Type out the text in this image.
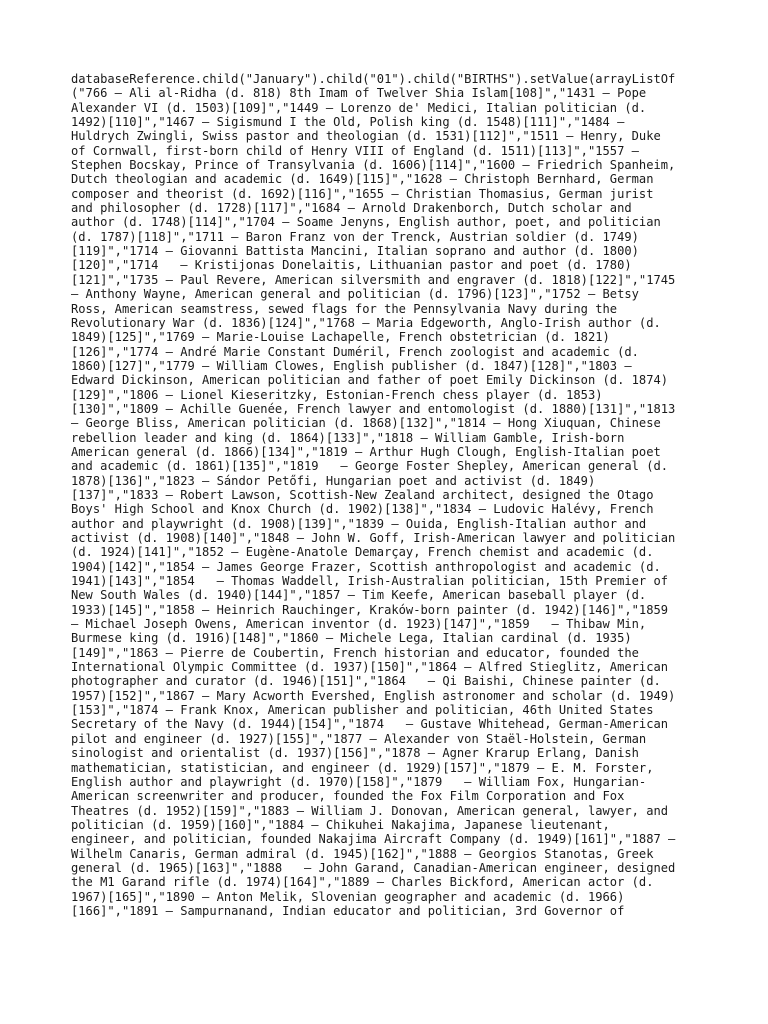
databaseReference.child("January").child("01").child("BIRTHS").setValue(arrayListOf
("766 – Ali al-Ridha (d. 818) 8th Imam of Twelver Shia Islam[108]","1431 – Pope
Alexander VI (d. 1503)[109]","1449 – Lorenzo de' Medici, Italian politician (d.
1492)[110]","1467 – Sigismund I the Old, Polish king (d. 1548)[111]","1484 –
Huldrych Zwingli, Swiss pastor and theologian (d. 1531)[112]","1511 – Henry, Duke
of Cornwall, first-born child of Henry VIII of England (d. 1511)[113]","1557 –
Stephen Bocskay, Prince of Transylvania (d. 1606)[114]","1600 – Friedrich Spanheim,
Dutch theologian and academic (d. 1649)[115]","1628 – Christoph Bernhard, German
composer and theorist (d. 1692)[116]","1655 – Christian Thomasius, German jurist
and philosopher (d. 1728)[117]","1684 – Arnold Drakenborch, Dutch scholar and
author (d. 1748)[114]","1704 – Soame Jenyns, English author, poet, and politician
(d. 1787)[118]","1711 – Baron Franz von der Trenck, Austrian soldier (d. 1749)
[119]","1714 – Giovanni Battista Mancini, Italian soprano and author (d. 1800)
[120]","1714   – Kristijonas Donelaitis, Lithuanian pastor and poet (d. 1780)
[121]","1735 – Paul Revere, American silversmith and engraver (d. 1818)[122]","1745
– Anthony Wayne, American general and politician (d. 1796)[123]","1752 – Betsy
Ross, American seamstress, sewed flags for the Pennsylvania Navy during the
Revolutionary War (d. 1836)[124]","1768 – Maria Edgeworth, Anglo-Irish author (d.
1849)[125]","1769 – Marie-Louise Lachapelle, French obstetrician (d. 1821)
[126]","1774 – André Marie Constant Duméril, French zoologist and academic (d.
1860)[127]","1779 – William Clowes, English publisher (d. 1847)[128]","1803 –
Edward Dickinson, American politician and father of poet Emily Dickinson (d. 1874)
[129]","1806 – Lionel Kieseritzky, Estonian-French chess player (d. 1853)
[130]","1809 – Achille Guenée, French lawyer and entomologist (d. 1880)[131]","1813
– George Bliss, American politician (d. 1868)[132]","1814 – Hong Xiuquan, Chinese
rebellion leader and king (d. 1864)[133]","1818 – William Gamble, Irish-born
American general (d. 1866)[134]","1819 – Arthur Hugh Clough, English-Italian poet
and academic (d. 1861)[135]","1819   – George Foster Shepley, American general (d.
1878)[136]","1823 – Sándor Petőfi, Hungarian poet and activist (d. 1849)
[137]","1833 – Robert Lawson, Scottish-New Zealand architect, designed the Otago
Boys' High School and Knox Church (d. 1902)[138]","1834 – Ludovic Halévy, French
author and playwright (d. 1908)[139]","1839 – Ouida, English-Italian author and
activist (d. 1908)[140]","1848 – John W. Goff, Irish-American lawyer and politician
(d. 1924)[141]","1852 – Eugène-Anatole Demarçay, French chemist and academic (d.
1904)[142]","1854 – James George Frazer, Scottish anthropologist and academic (d.
1941)[143]","1854   – Thomas Waddell, Irish-Australian politician, 15th Premier of
New South Wales (d. 1940)[144]","1857 – Tim Keefe, American baseball player (d.
1933)[145]","1858 – Heinrich Rauchinger, Kraków-born painter (d. 1942)[146]","1859
– Michael Joseph Owens, American inventor (d. 1923)[147]","1859   – Thibaw Min,
Burmese king (d. 1916)[148]","1860 – Michele Lega, Italian cardinal (d. 1935)
[149]","1863 – Pierre de Coubertin, French historian and educator, founded the
International Olympic Committee (d. 1937)[150]","1864 – Alfred Stieglitz, American
photographer and curator (d. 1946)[151]","1864   – Qi Baishi, Chinese painter (d.
1957)[152]","1867 – Mary Acworth Evershed, English astronomer and scholar (d. 1949)
[153]","1874 – Frank Knox, American publisher and politician, 46th United States
Secretary of the Navy (d. 1944)[154]","1874   – Gustave Whitehead, German-American
pilot and engineer (d. 1927)[155]","1877 – Alexander von Staël-Holstein, German
sinologist and orientalist (d. 1937)[156]","1878 – Agner Krarup Erlang, Danish
mathematician, statistician, and engineer (d. 1929)[157]","1879 – E. M. Forster,
English author and playwright (d. 1970)[158]","1879   – William Fox, Hungarian-
American screenwriter and producer, founded the Fox Film Corporation and Fox
Theatres (d. 1952)[159]","1883 – William J. Donovan, American general, lawyer, and
politician (d. 1959)[160]","1884 – Chikuhei Nakajima, Japanese lieutenant,
engineer, and politician, founded Nakajima Aircraft Company (d. 1949)[161]","1887 –
Wilhelm Canaris, German admiral (d. 1945)[162]","1888 – Georgios Stanotas, Greek
general (d. 1965)[163]","1888   – John Garand, Canadian-American engineer, designed
the M1 Garand rifle (d. 1974)[164]","1889 – Charles Bickford, American actor (d.
1967)[165]","1890 – Anton Melik, Slovenian geographer and academic (d. 1966)
[166]","1891 – Sampurnanand, Indian educator and politician, 3rd Governor of
